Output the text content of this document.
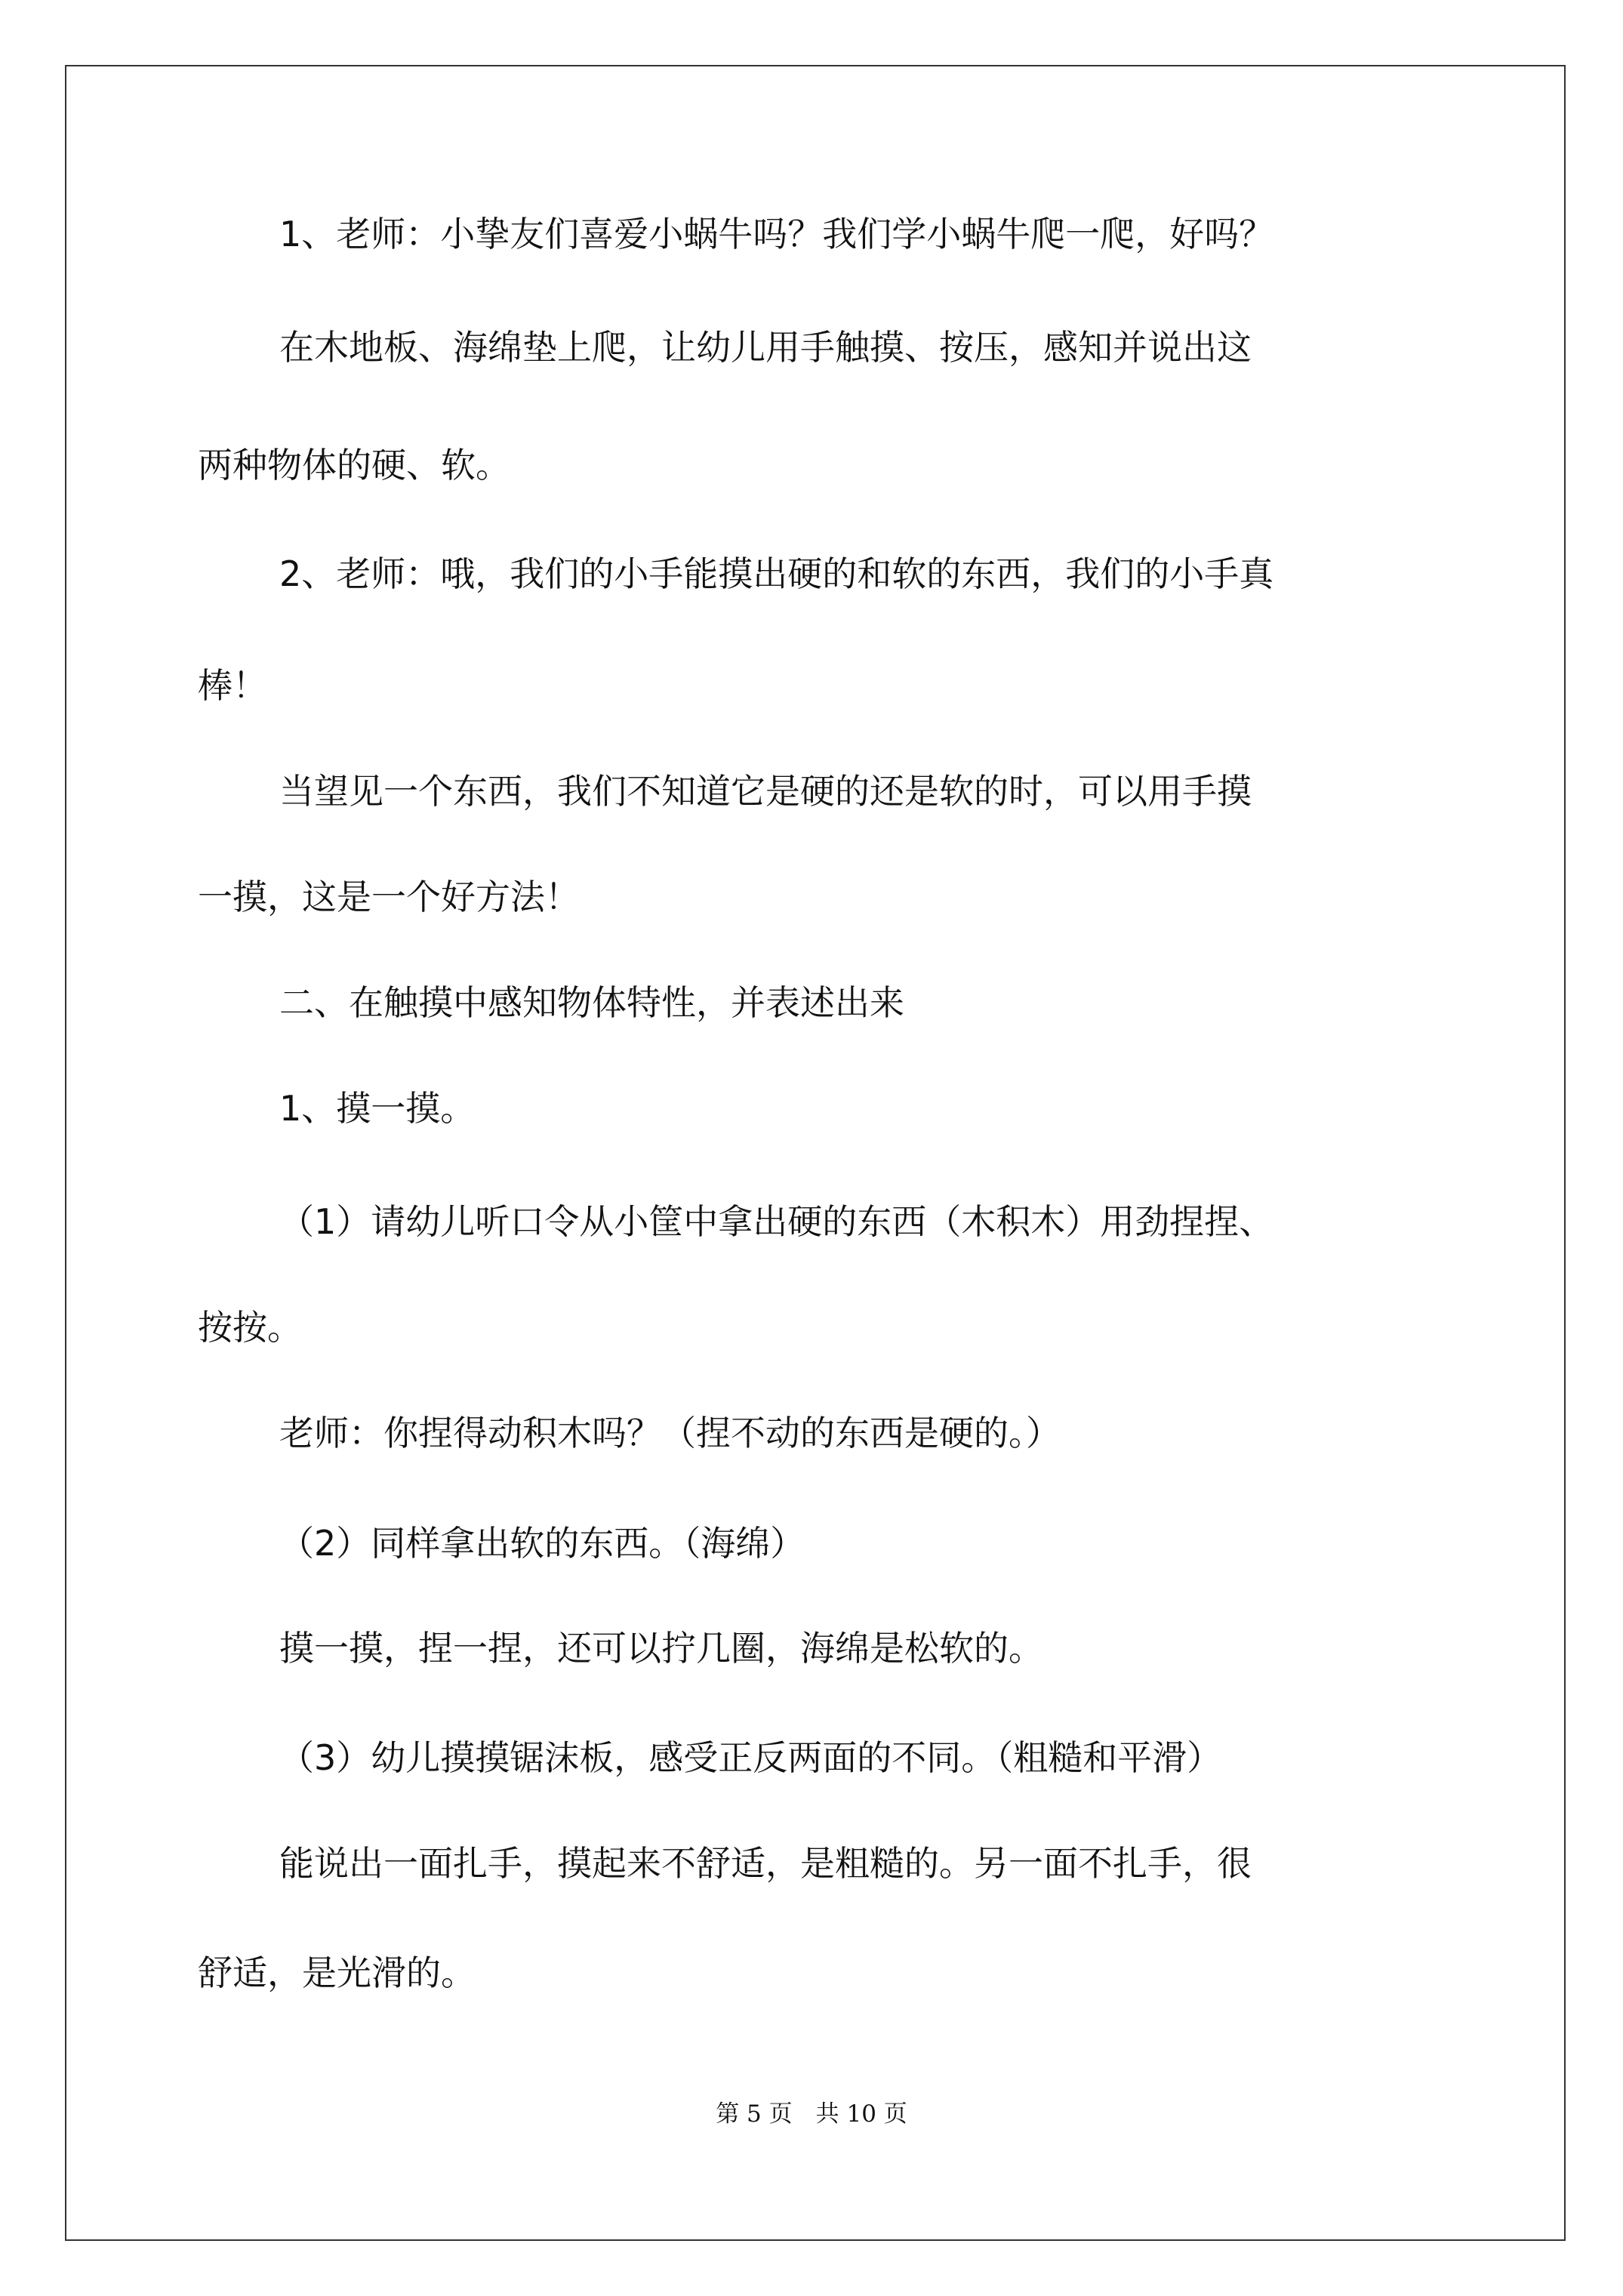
1、老师：小挚友们喜爱小蜗牛吗？我们学小蜗牛爬一爬，好吗？
在木地板、海绵垫上爬，让幼儿用手触摸、按压，感知并说出这
两种物体的硬、软。
2、老师：哦，我们的小手能摸出硬的和软的东西，我们的小手真
棒！
当望见一个东西，我们不知道它是硬的还是软的时，可以用手摸
一摸，这是一个好方法！
二、在触摸中感知物体特性，并表述出来
1、摸一摸。
（1）请幼儿听口令从小筐中拿出硬的东西（木积木）用劲捏捏、
按按。
老师：你捏得动积木吗？（捏不动的东西是硬的。）
（2）同样拿出软的东西。（海绵）
摸一摸，捏一捏，还可以拧几圈，海绵是松软的。
（3）幼儿摸摸锯沫板，感受正反两面的不同。（粗糙和平滑）
能说出一面扎手，摸起来不舒适，是粗糙的。另一面不扎手，很
舒适，是光滑的。
第 5 页　共 10 页
